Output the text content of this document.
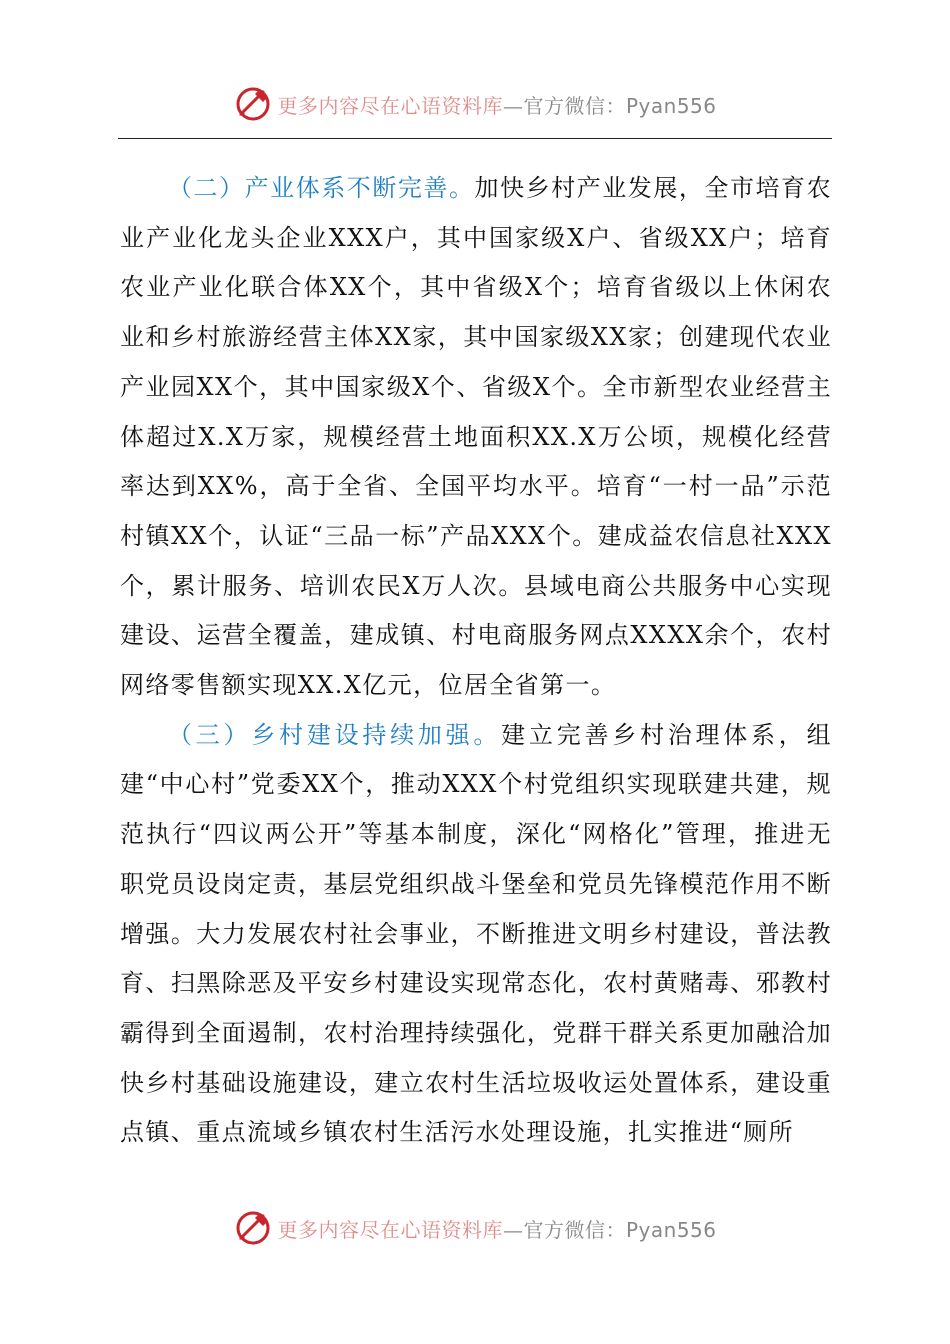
更多内容尽在心语资料库—官方微信：Pyan556

（二）产业体系不断完善。加快乡村产业发展，全市培育农业产业化龙头企业XXX户，其中国家级X户、省级XX户；培育农业产业化联合体XX个，其中省级X个；培育省级以上休闲农业和乡村旅游经营主体XX家，其中国家级XX家；创建现代农业产业园XX个，其中国家级X个、省级X个。全市新型农业经营主体超过X.X万家，规模经营土地面积XX.X万公顷，规模化经营率达到XX%，高于全省、全国平均水平。培育“一村一品”示范村镇XX个，认证“三品一标”产品XXX个。建成益农信息社XXX个，累计服务、培训农民X万人次。县域电商公共服务中心实现建设、运营全覆盖，建成镇、村电商服务网点XXXX余个，农村网络零售额实现XX.X亿元，位居全省第一。

（三）乡村建设持续加强。建立完善乡村治理体系，组建“中心村”党委XX个，推动XXX个村党组织实现联建共建，规范执行“四议两公开”等基本制度，深化“网格化”管理，推进无职党员设岗定责，基层党组织战斗堡垒和党员先锋模范作用不断增强。大力发展农村社会事业，不断推进文明乡村建设，普法教育、扫黑除恶及平安乡村建设实现常态化，农村黄赌毒、邪教村霸得到全面遏制，农村治理持续强化，党群干群关系更加融洽加快乡村基础设施建设，建立农村生活垃圾收运处置体系，建设重点镇、重点流域乡镇农村生活污水处理设施，扎实推进“厕所

更多内容尽在心语资料库—官方微信：Pyan556
